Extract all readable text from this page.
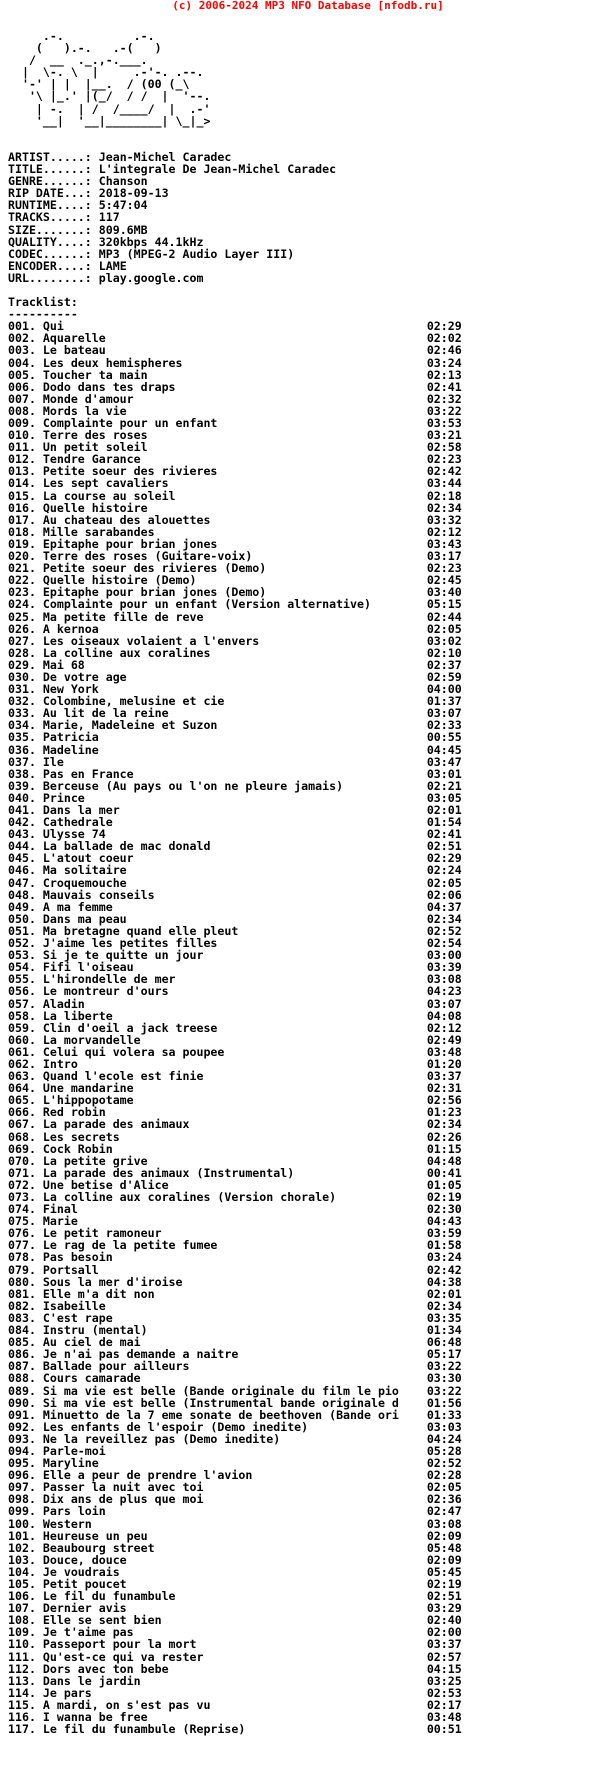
(c) 2006-2024 MP3 NFO Database [nfodb.ru]
.-.          .-.
(   ).-.   .-(   )
/  __  ._.,-.___.
|  \-. \  |     .-'-. .--.
'-' | |  |__.  / (00 (_\
'\ |_.' |(_/  / /  |  '--.
| -.  | /  /____/  |  .-'
'__|  '__|________| \_|_>

ARTIST.....: Jean-Michel Caradec
TITLE......: L'integrale De Jean-Michel Caradec
GENRE......: Chanson
RIP DATE...: 2018-09-13
RUNTIME....: 5:47:04
TRACKS.....: 117
SIZE.......: 809.6MB
QUALITY....: 320kbps 44.1kHz
CODEC......: MP3 (MPEG-2 Audio Layer III)
ENCODER....: LAME
URL........: play.google.com

Tracklist:
----------
001. Qui	02:29
002. Aquarelle	02:02
003. Le bateau	02:46
004. Les deux hemispheres	03:24
005. Toucher ta main	02:13
006. Dodo dans tes draps	02:41
007. Monde d'amour	02:32
008. Mords la vie	03:22
009. Complainte pour un enfant	03:53
010. Terre des roses	03:21
011. Un petit soleil	02:58
012. Tendre Garance	02:23
013. Petite soeur des rivieres	02:42
014. Les sept cavaliers	03:44
015. La course au soleil	02:18
016. Quelle histoire	02:34
017. Au chateau des alouettes	03:32
018. Mille sarabandes	02:12
019. Epitaphe pour brian jones	03:43
020. Terre des roses (Guitare-voix)	03:17
021. Petite soeur des rivieres (Demo)	02:23
022. Quelle histoire (Demo)	02:45
023. Epitaphe pour brian jones (Demo)	03:40
024. Complainte pour un enfant (Version alternative)	05:15
025. Ma petite fille de reve	02:44
026. A kernoa	02:05
027. Les oiseaux volaient a l'envers	03:02
028. La colline aux coralines	02:10
029. Mai 68	02:37
030. De votre age	02:59
031. New York	04:00
032. Colombine, melusine et cie	01:37
033. Au lit de la reine	03:07
034. Marie, Madeleine et Suzon	02:33
035. Patricia	00:55
036. Madeline	04:45
037. Ile	03:47
038. Pas en France	03:01
039. Berceuse (Au pays ou l'on ne pleure jamais)	02:21
040. Prince	03:05
041. Dans la mer	02:01
042. Cathedrale	01:54
043. Ulysse 74	02:41
044. La ballade de mac donald	02:51
045. L'atout coeur	02:29
046. Ma solitaire	02:24
047. Croquemouche	02:05
048. Mauvais conseils	02:06
049. A ma femme	04:37
050. Dans ma peau	02:34
051. Ma bretagne quand elle pleut	02:52
052. J'aime les petites filles	02:54
053. Si je te quitte un jour	03:00
054. Fifi l'oiseau	03:39
055. L'hirondelle de mer	03:08
056. Le montreur d'ours	04:23
057. Aladin	03:07
058. La liberte	04:08
059. Clin d'oeil a jack treese	02:12
060. La morvandelle	02:49
061. Celui qui volera sa poupee	03:48
062. Intro	01:20
063. Quand l'ecole est finie	03:37
064. Une mandarine	02:31
065. L'hippopotame	02:56
066. Red robin	01:23
067. La parade des animaux	02:34
068. Les secrets	02:26
069. Cock Robin	01:15
070. La petite grive	04:48
071. La parade des animaux (Instrumental)	00:41
072. Une betise d'Alice	01:05
073. La colline aux coralines (Version chorale)	02:19
074. Final	02:30
075. Marie	04:43
076. Le petit ramoneur	03:59
077. Le rag de la petite fumee	01:58
078. Pas besoin	03:24
079. Portsall	02:42
080. Sous la mer d'iroise	04:38
081. Elle m'a dit non	02:01
082. Isabeille	02:34
083. C'est rape	03:35
084. Instru (mental)	01:34
085. Au ciel de mai	06:48
086. Je n'ai pas demande a naitre	05:17
087. Ballade pour ailleurs	03:22
088. Cours camarade	03:30
089. Si ma vie est belle (Bande originale du film le pio 03:22
090. Si ma vie est belle (Instrumental bande originale d 01:56
091. Minuetto de la 7 eme sonate de beethoven (Bande ori 01:33
092. Les enfants de l'espoir (Demo inedite)	03:03
093. Ne la reveillez pas (Demo inedite)	04:24
094. Parle-moi	05:28
095. Maryline	02:52
096. Elle a peur de prendre l'avion	02:28
097. Passer la nuit avec toi	02:05
098. Dix ans de plus que moi	02:36
099. Pars loin	02:47
100. Western	03:08
101. Heureuse un peu	02:09
102. Beaubourg street	05:48
103. Douce, douce	02:09
104. Je voudrais	05:45
105. Petit poucet	02:19
106. Le fil du funambule	02:51
107. Dernier avis	03:29
108. Elle se sent bien	02:40
109. Je t'aime pas	02:00
110. Passeport pour la mort	03:37
111. Qu'est-ce qui va rester	02:57
112. Dors avec ton bebe	04:15
113. Dans le jardin	03:25
114. Je pars	02:53
115. A mardi, on s'est pas vu	02:17
116. I wanna be free	03:48
117. Le fil du funambule (Reprise)	00:51
